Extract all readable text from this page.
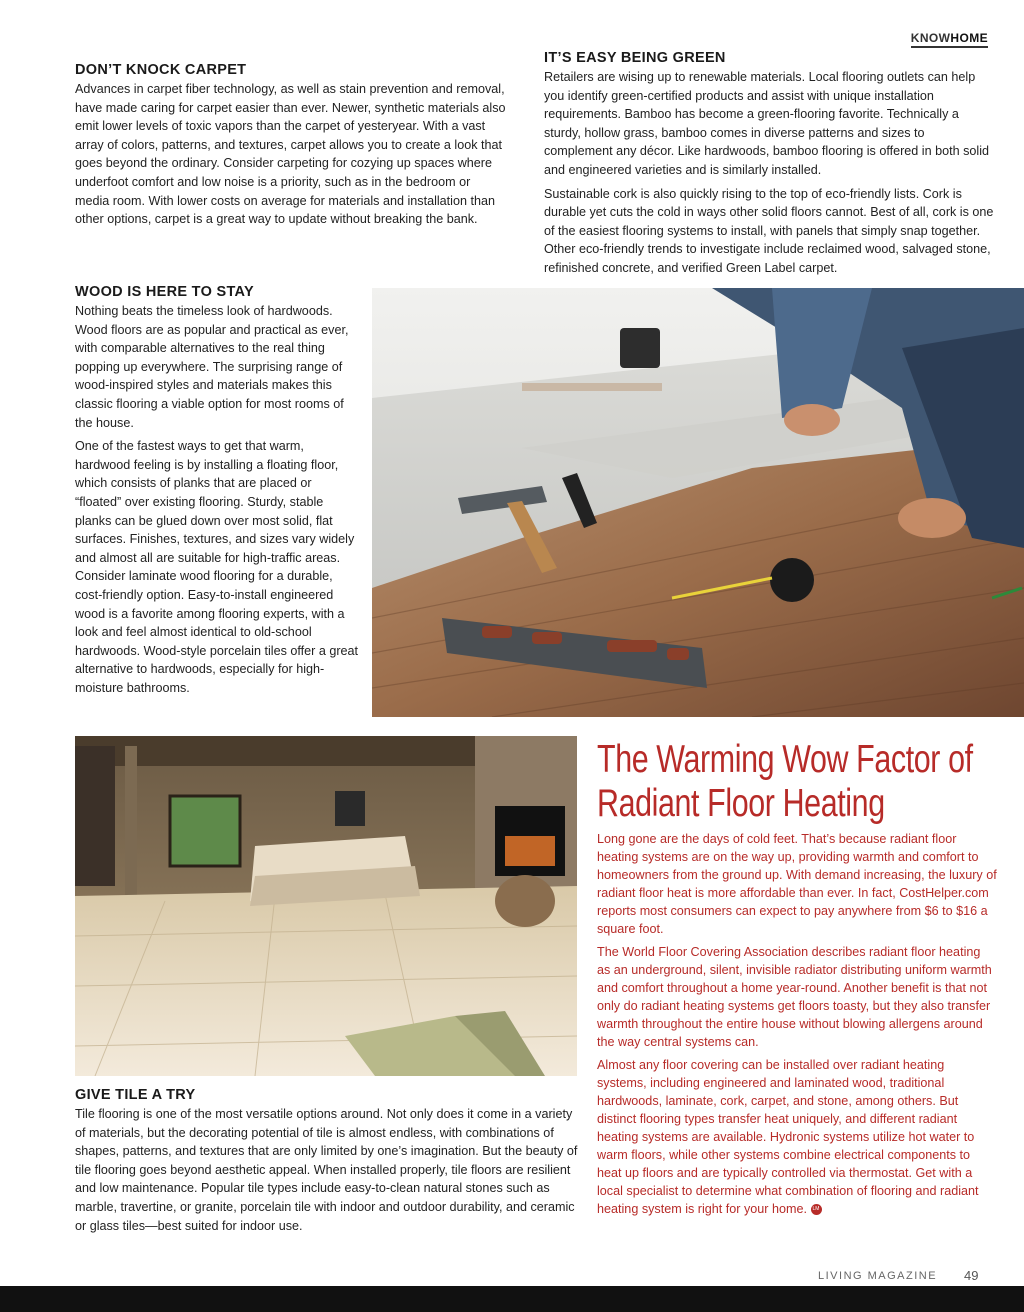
KNOWHOME
DON’T KNOCK CARPET

Advances in carpet fiber technology, as well as stain prevention and removal, have made caring for carpet easier than ever. Newer, synthetic materials also emit lower levels of toxic vapors than the carpet of yesteryear. With a vast array of colors, patterns, and textures, carpet allows you to create a look that goes beyond the ordinary. Consider carpeting for cozying up spaces where underfoot comfort and low noise is a priority, such as in the bedroom or media room. With lower costs on average for materials and installation than other options, carpet is a great way to update without breaking the bank.

IT’S EASY BEING GREEN

Retailers are wising up to renewable materials. Local flooring outlets can help you identify green-certified products and assist with unique installation requirements. Bamboo has become a green-flooring favorite. Technically a sturdy, hollow grass, bamboo comes in diverse patterns and sizes to complement any décor. Like hardwoods, bamboo flooring is offered in both solid and engineered varieties and is similarly installed.

Sustainable cork is also quickly rising to the top of eco-friendly lists. Cork is durable yet cuts the cold in ways other solid floors cannot. Best of all, cork is one of the easiest flooring systems to install, with panels that simply snap together. Other eco-friendly trends to investigate include reclaimed wood, salvaged stone, refinished concrete, and verified Green Label carpet.

WOOD IS HERE TO STAY

Nothing beats the timeless look of hardwoods. Wood floors are as popular and practical as ever, with comparable alternatives to the real thing popping up everywhere. The surprising range of wood-inspired styles and materials makes this classic flooring a viable option for most rooms of the house.

One of the fastest ways to get that warm, hardwood feeling is by installing a floating floor, which consists of planks that are placed or “floated” over existing flooring. Sturdy, stable planks can be glued down over most solid, flat surfaces. Finishes, textures, and sizes vary widely and almost all are suitable for high-traffic areas. Consider laminate wood flooring for a durable, cost-friendly option. Easy-to-install engineered wood is a favorite among flooring experts, with a look and feel almost identical to old-school hardwoods. Wood-style porcelain tiles offer a great alternative to hardwoods, especially for high-moisture bathrooms.

The Warming Wow Factor of
Radiant Floor Heating

Long gone are the days of cold feet. That’s because radiant floor heating systems are on the way up, providing warmth and comfort to homeowners from the ground up. With demand increasing, the luxury of radiant floor heat is more affordable than ever. In fact, CostHelper.com reports most consumers can expect to pay anywhere from $6 to $16 a square foot.

The World Floor Covering Association describes radiant floor heating as an underground, silent, invisible radiator distributing uniform warmth and comfort throughout a home year-round. Another benefit is that not only do radiant heating systems get floors toasty, but they also transfer warmth throughout the entire house without blowing allergens around the way central systems can.

Almost any floor covering can be installed over radiant heating systems, including engineered and laminated wood, traditional hardwoods, laminate, cork, carpet, and stone, among others. But distinct flooring types transfer heat uniquely, and different radiant heating systems are available. Hydronic systems utilize hot water to warm floors, while other systems combine electrical components to heat up floors and are typically controlled via thermostat. Get with a local specialist to determine what combination of flooring and radiant heating system is right for your home. LM

GIVE TILE A TRY

Tile flooring is one of the most versatile options around. Not only does it come in a variety of materials, but the decorating potential of tile is almost endless, with combinations of shapes, patterns, and textures that are only limited by one’s imagination. But the beauty of tile flooring goes beyond aesthetic appeal. When installed properly, tile floors are resilient and low maintenance. Popular tile types include easy-to-clean natural stones such as marble, travertine, or granite, porcelain tile with indoor and outdoor durability, and ceramic or glass tiles—best suited for indoor use.

LIVING MAGAZINE 49
